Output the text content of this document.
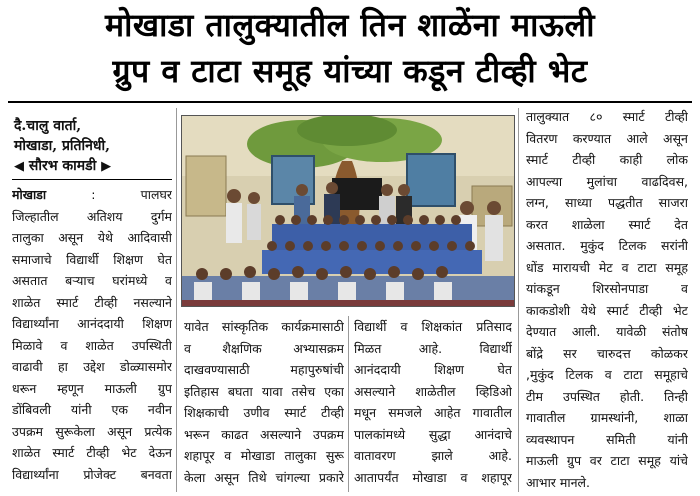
मोखाडा तालुक्यातील तिन शाळेंना माऊली
ग्रुप व टाटा समूह यांच्या कडून टीव्ही भेट
दै.चालु वार्ता,
मोखाडा, प्रतिनिधी,
◀ सौरभ कामडी ▶
मोखाडा	: पालघर
जिल्हातील अतिशय दुर्गम
तालुका असून येथे आदिवासी
समाजाचे विद्यार्थी शिक्षण घेत
असतात बऱ्याच घरांमध्ये व
शाळेत स्मार्ट टीव्ही नसल्याने
विद्यार्थ्यांना आनंददायी शिक्षण
मिळावे व शाळेत उपस्थिती
वाढावी हा उद्देश डोळ्यासमोर
धरून म्हणून माऊली ग्रुप
डोंबिवली यांनी एक नवीन
उपक्रम सुरूकेला असून प्रत्येक
शाळेत स्मार्ट टीव्ही भेट देऊन
विद्यार्थ्यांना प्रोजेक्ट बनवता
यावेत सांस्कृतिक कार्यक्रमासाठी
व शैक्षणिक अभ्यासक्रम
दाखवण्यासाठी महापुरुषांची
इतिहास बघता यावा तसेच एका
शिक्षकाची उणीव स्मार्ट टीव्ही
भरून काढत असल्याने उपक्रम
शहापूर व मोखाडा तालुका सुरू
केला असून तिथे चांगल्या प्रकारे
विद्यार्थी व शिक्षकांत प्रतिसाद
मिळत आहे. विद्यार्थी
आनंददायी शिक्षण घेत
असल्याने शाळेतील व्हिडिओ
मधून समजले आहेत गावातील
पालकांमध्ये सुद्धा आनंदाचे
वातावरण झाले आहे.
आतापर्यंत मोखाडा व शहापूर
तालुक्यात ८० स्मार्ट टीव्ही
वितरण करण्यात आले असून
स्मार्ट टीव्ही काही लोक
आपल्या मुलांचा वाढदिवस,
लग्न, साध्या पद्धतीत साजरा
करत शाळेला स्मार्ट देत
असतात. मुकुंद टिलक सरांनी
धोंड मारायची मेट व टाटा समूह
यांकडून शिरसोनपाडा व
काकडोशी येथे स्मार्ट टीव्ही भेट
देण्यात आली. यावेळी संतोष
बोंद्रे सर चारुदत्त कोळकर
,मुकुंद टिलक व टाटा समूहाचे
टीम उपस्थित होती. तिन्ही
गावातील ग्रामस्थांनी, शाळा
व्यवस्थापन समिती यांनी
माऊली ग्रुप वर टाटा समूह यांचे
आभार मानले.
